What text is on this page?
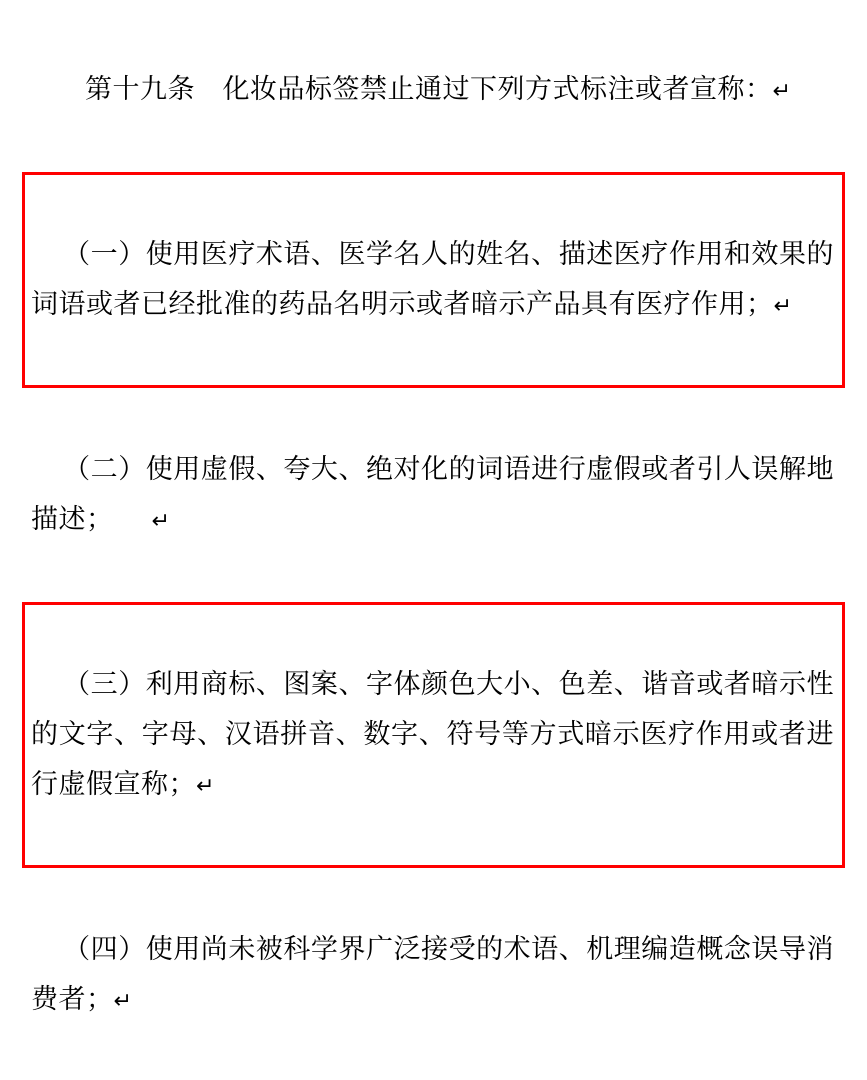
第十九条　化妆品标签禁止通过下列方式标注或者宣称：↵

（一）使用医疗术语、医学名人的姓名、描述医疗作用和效果的词语或者已经批准的药品名明示或者暗示产品具有医疗作用；↵

（二）使用虚假、夸大、绝对化的词语进行虚假或者引人误解地描述； ↵

（三）利用商标、图案、字体颜色大小、色差、谐音或者暗示性的文字、字母、汉语拼音、数字、符号等方式暗示医疗作用或者进行虚假宣称；↵

（四）使用尚未被科学界广泛接受的术语、机理编造概念误导消费者；↵
